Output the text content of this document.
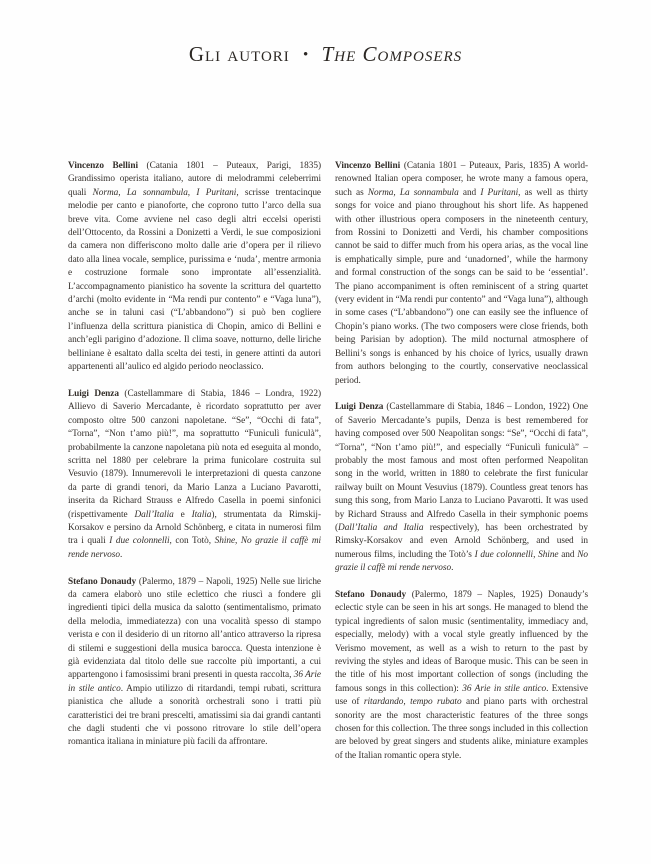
Gli autori • The Composers

Vincenzo Bellini (Catania 1801 – Puteaux, Parigi, 1835) Grandissimo operista italiano, autore di melodrammi celeberrimi quali Norma, La sonnambula, I Puritani, scrisse trentacinque melodie per canto e pianoforte, che coprono tutto l’arco della sua breve vita. Come avviene nel caso degli altri eccelsi operisti dell’Ottocento, da Rossini a Donizetti a Verdi, le sue composizioni da camera non differiscono molto dalle arie d’opera per il rilievo dato alla linea vocale, semplice, purissima e ‘nuda’, mentre armonia e costruzione formale sono improntate all’essenzialità. L’accompagnamento pianistico ha sovente la scrittura del quartetto d’archi (molto evidente in “Ma rendi pur contento” e “Vaga luna”), anche se in taluni casi (“L’abbandono”) si può ben cogliere l’influenza della scrittura pianistica di Chopin, amico di Bellini e anch’egli parigino d’adozione. Il clima soave, notturno, delle liriche belliniane è esaltato dalla scelta dei testi, in genere attinti da autori appartenenti all’aulico ed algido periodo neoclassico.

Luigi Denza (Castellammare di Stabia, 1846 – Londra, 1922) Allievo di Saverio Mercadante, è ricordato soprattutto per aver composto oltre 500 canzoni napoletane. “Se”, “Occhi di fata”, “Torna”, “Non t’amo più!”, ma soprattutto “Funiculì funiculà”, probabilmente la canzone napoletana più nota ed eseguita al mondo, scritta nel 1880 per celebrare la prima funicolare costruita sul Vesuvio (1879). Innumerevoli le interpretazioni di questa canzone da parte di grandi tenori, da Mario Lanza a Luciano Pavarotti, inserita da Richard Strauss e Alfredo Casella in poemi sinfonici (rispettivamente Dall’Italia e Italia), strumentata da Rimskij-Korsakov e persino da Arnold Schönberg, e citata in numerosi film tra i quali I due colonnelli, con Totò, Shine, No grazie il caffè mi rende nervoso.

Stefano Donaudy (Palermo, 1879 – Napoli, 1925) Nelle sue liriche da camera elaborò uno stile eclettico che riuscì a fondere gli ingredienti tipici della musica da salotto (sentimentalismo, primato della melodia, immediatezza) con una vocalità spesso di stampo verista e con il desiderio di un ritorno all’antico attraverso la ripresa di stilemi e suggestioni della musica barocca. Questa intenzione è già evidenziata dal titolo delle sue raccolte più importanti, a cui appartengono i famosissimi brani presenti in questa raccolta, 36 Arie in stile antico. Ampio utilizzo di ritardandi, tempi rubati, scrittura pianistica che allude a sonorità orchestrali sono i tratti più caratteristici dei tre brani prescelti, amatissimi sia dai grandi cantanti che dagli studenti che vi possono ritrovare lo stile dell’opera romantica italiana in miniature più facili da affrontare.

Vincenzo Bellini (Catania 1801 – Puteaux, Paris, 1835) A world-renowned Italian opera composer, he wrote many a famous opera, such as Norma, La sonnambula and I Puritani, as well as thirty songs for voice and piano throughout his short life. As happened with other illustrious opera composers in the nineteenth century, from Rossini to Donizetti and Verdi, his chamber compositions cannot be said to differ much from his opera arias, as the vocal line is emphatically simple, pure and ‘unadorned’, while the harmony and formal construction of the songs can be said to be ‘essential’. The piano accompaniment is often reminiscent of a string quartet (very evident in “Ma rendi pur contento” and “Vaga luna”), although in some cases (“L’abbandono”) one can easily see the influence of Chopin’s piano works. (The two composers were close friends, both being Parisian by adoption). The mild nocturnal atmosphere of Bellini’s songs is enhanced by his choice of lyrics, usually drawn from authors belonging to the courtly, conservative neoclassical period.

Luigi Denza (Castellammare di Stabia, 1846 – London, 1922) One of Saverio Mercadante’s pupils, Denza is best remembered for having composed over 500 Neapolitan songs: “Se”, “Occhi di fata”, “Torna”, “Non t’amo più!”, and especially “Funiculì funiculà” – probably the most famous and most often performed Neapolitan song in the world, written in 1880 to celebrate the first funicular railway built on Mount Vesuvius (1879). Countless great tenors has sung this song, from Mario Lanza to Luciano Pavarotti. It was used by Richard Strauss and Alfredo Casella in their symphonic poems (Dall’Italia and Italia respectively), has been orchestrated by Rimsky-Korsakov and even Arnold Schönberg, and used in numerous films, including the Totò’s I due colonnelli, Shine and No grazie il caffè mi rende nervoso.

Stefano Donaudy (Palermo, 1879 – Naples, 1925) Donaudy’s eclectic style can be seen in his art songs. He managed to blend the typical ingredients of salon music (sentimentality, immediacy and, especially, melody) with a vocal style greatly influenced by the Verismo movement, as well as a wish to return to the past by reviving the styles and ideas of Baroque music. This can be seen in the title of his most important collection of songs (including the famous songs in this collection): 36 Arie in stile antico. Extensive use of ritardando, tempo rubato and piano parts with orchestral sonority are the most characteristic features of the three songs chosen for this collection. The three songs included in this collection are beloved by great singers and students alike, miniature examples of the Italian romantic opera style.
